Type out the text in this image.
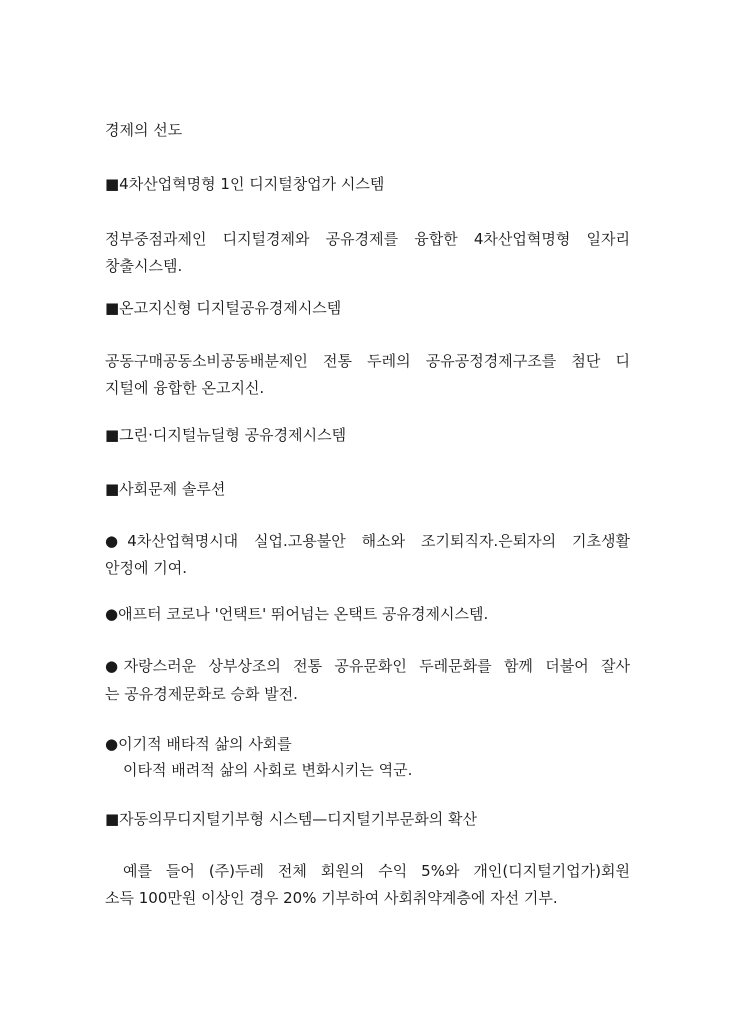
경제의 선도

■4차산업혁명형 1인 디지털창업가 시스템

정부중점과제인 디지털경제와 공유경제를 융합한 4차산업혁명형 일자리

창출시스템.

■온고지신형 디지털공유경제시스템

공동구매공동소비공동배분제인 전통 두레의 공유공정경제구조를 첨단 디

지털에 융합한 온고지신.

■그린·디지털뉴딜형 공유경제시스템

■사회문제 솔루션

●4차산업혁명시대 실업.고용불안 해소와 조기퇴직자.은퇴자의 기초생활

안정에 기여.

●애프터 코로나 '언택트' 뛰어넘는 온택트 공유경제시스템.

●자랑스러운 상부상조의 전통 공유문화인 두레문화를 함께 더불어 잘사

는 공유경제문화로 승화 발전.

●이기적 배타적 삶의 사회를

이타적 배려적 삶의 사회로 변화시키는 역군.

■자동의무디지털기부형 시스템—디지털기부문화의 확산

예를 들어 (주)두레 전체 회원의 수익 5%와 개인(디지털기업가)회원

소득 100만원 이상인 경우 20% 기부하여 사회취약계층에 자선 기부.
